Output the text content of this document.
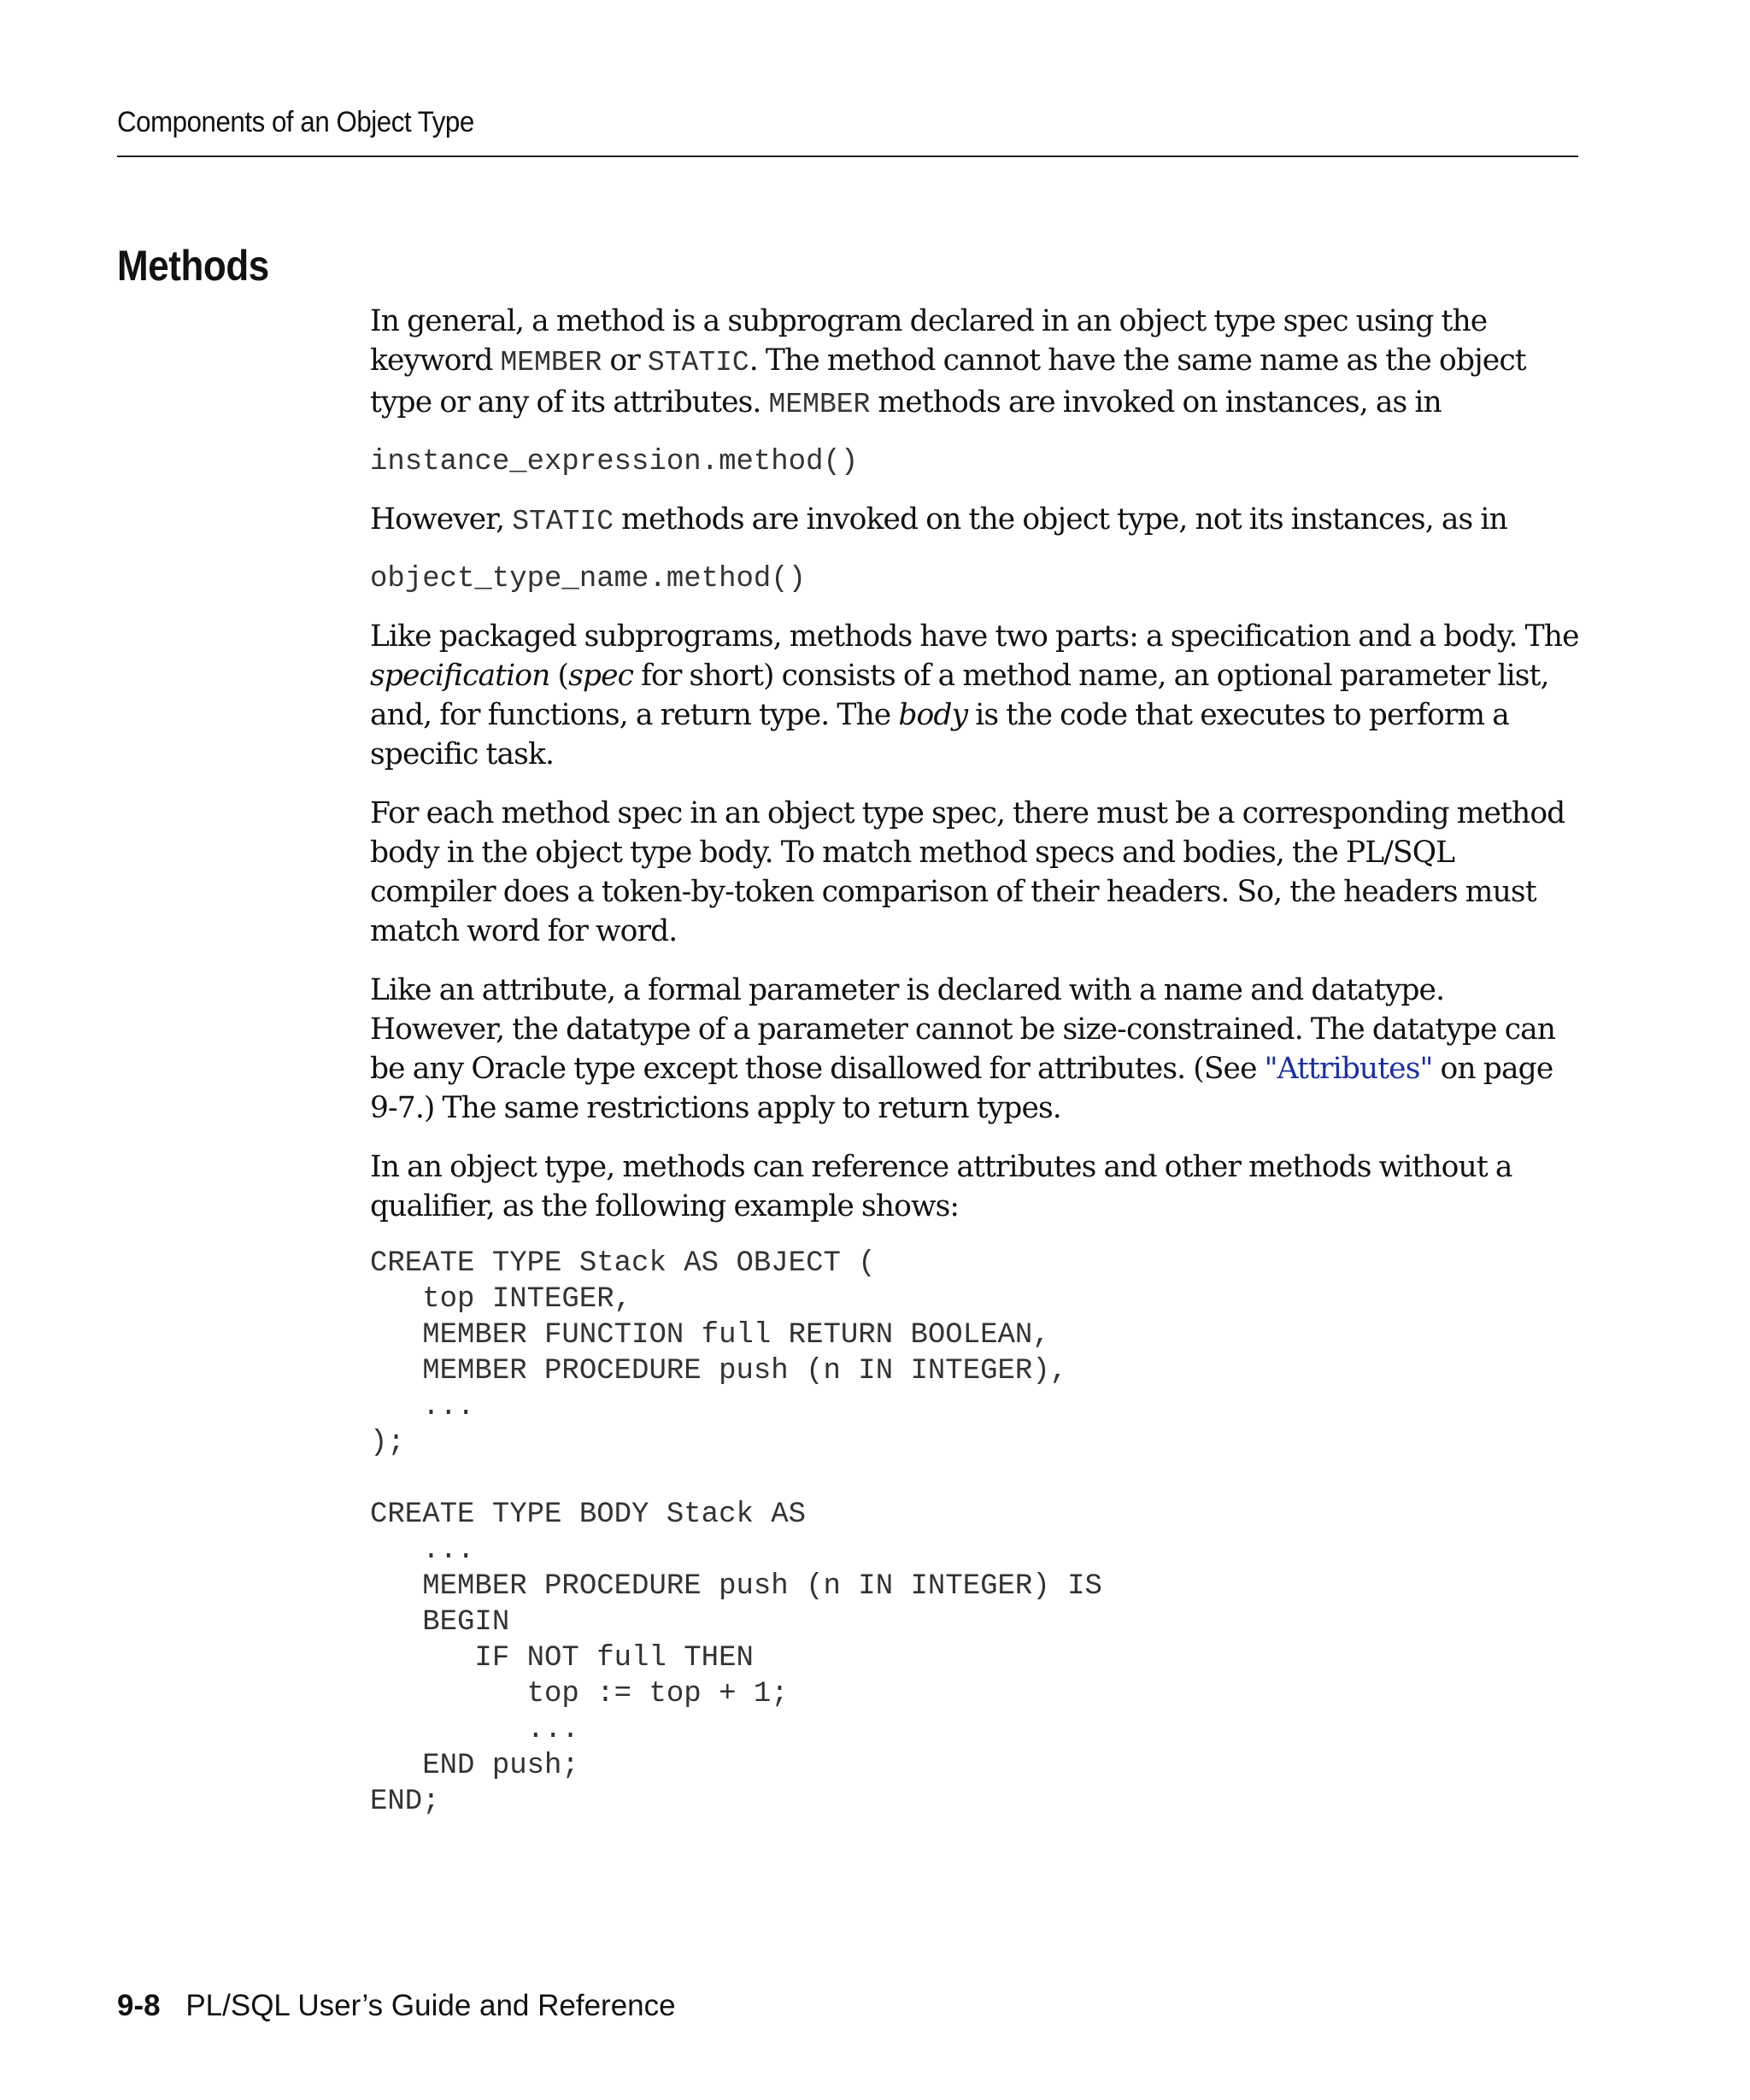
Components of an Object Type
Methods

In general, a method is a subprogram declared in an object type spec using the keyword MEMBER or STATIC. The method cannot have the same name as the object type or any of its attributes. MEMBER methods are invoked on instances, as in

instance_expression.method()

However, STATIC methods are invoked on the object type, not its instances, as in

object_type_name.method()

Like packaged subprograms, methods have two parts: a specification and a body. The specification (spec for short) consists of a method name, an optional parameter list, and, for functions, a return type. The body is the code that executes to perform a specific task.

For each method spec in an object type spec, there must be a corresponding method body in the object type body. To match method specs and bodies, the PL/SQL compiler does a token-by-token comparison of their headers. So, the headers must match word for word.

Like an attribute, a formal parameter is declared with a name and datatype. However, the datatype of a parameter cannot be size-constrained. The datatype can be any Oracle type except those disallowed for attributes. (See "Attributes" on page 9-7.) The same restrictions apply to return types.

In an object type, methods can reference attributes and other methods without a qualifier, as the following example shows:

CREATE TYPE Stack AS OBJECT (
top INTEGER,
MEMBER FUNCTION full RETURN BOOLEAN,
MEMBER PROCEDURE push (n IN INTEGER),
...
);
CREATE TYPE BODY Stack AS
...
MEMBER PROCEDURE push (n IN INTEGER) IS
BEGIN
IF NOT full THEN
top := top + 1;
...
END push;
END;
9-8 PL/SQL User’s Guide and Reference
